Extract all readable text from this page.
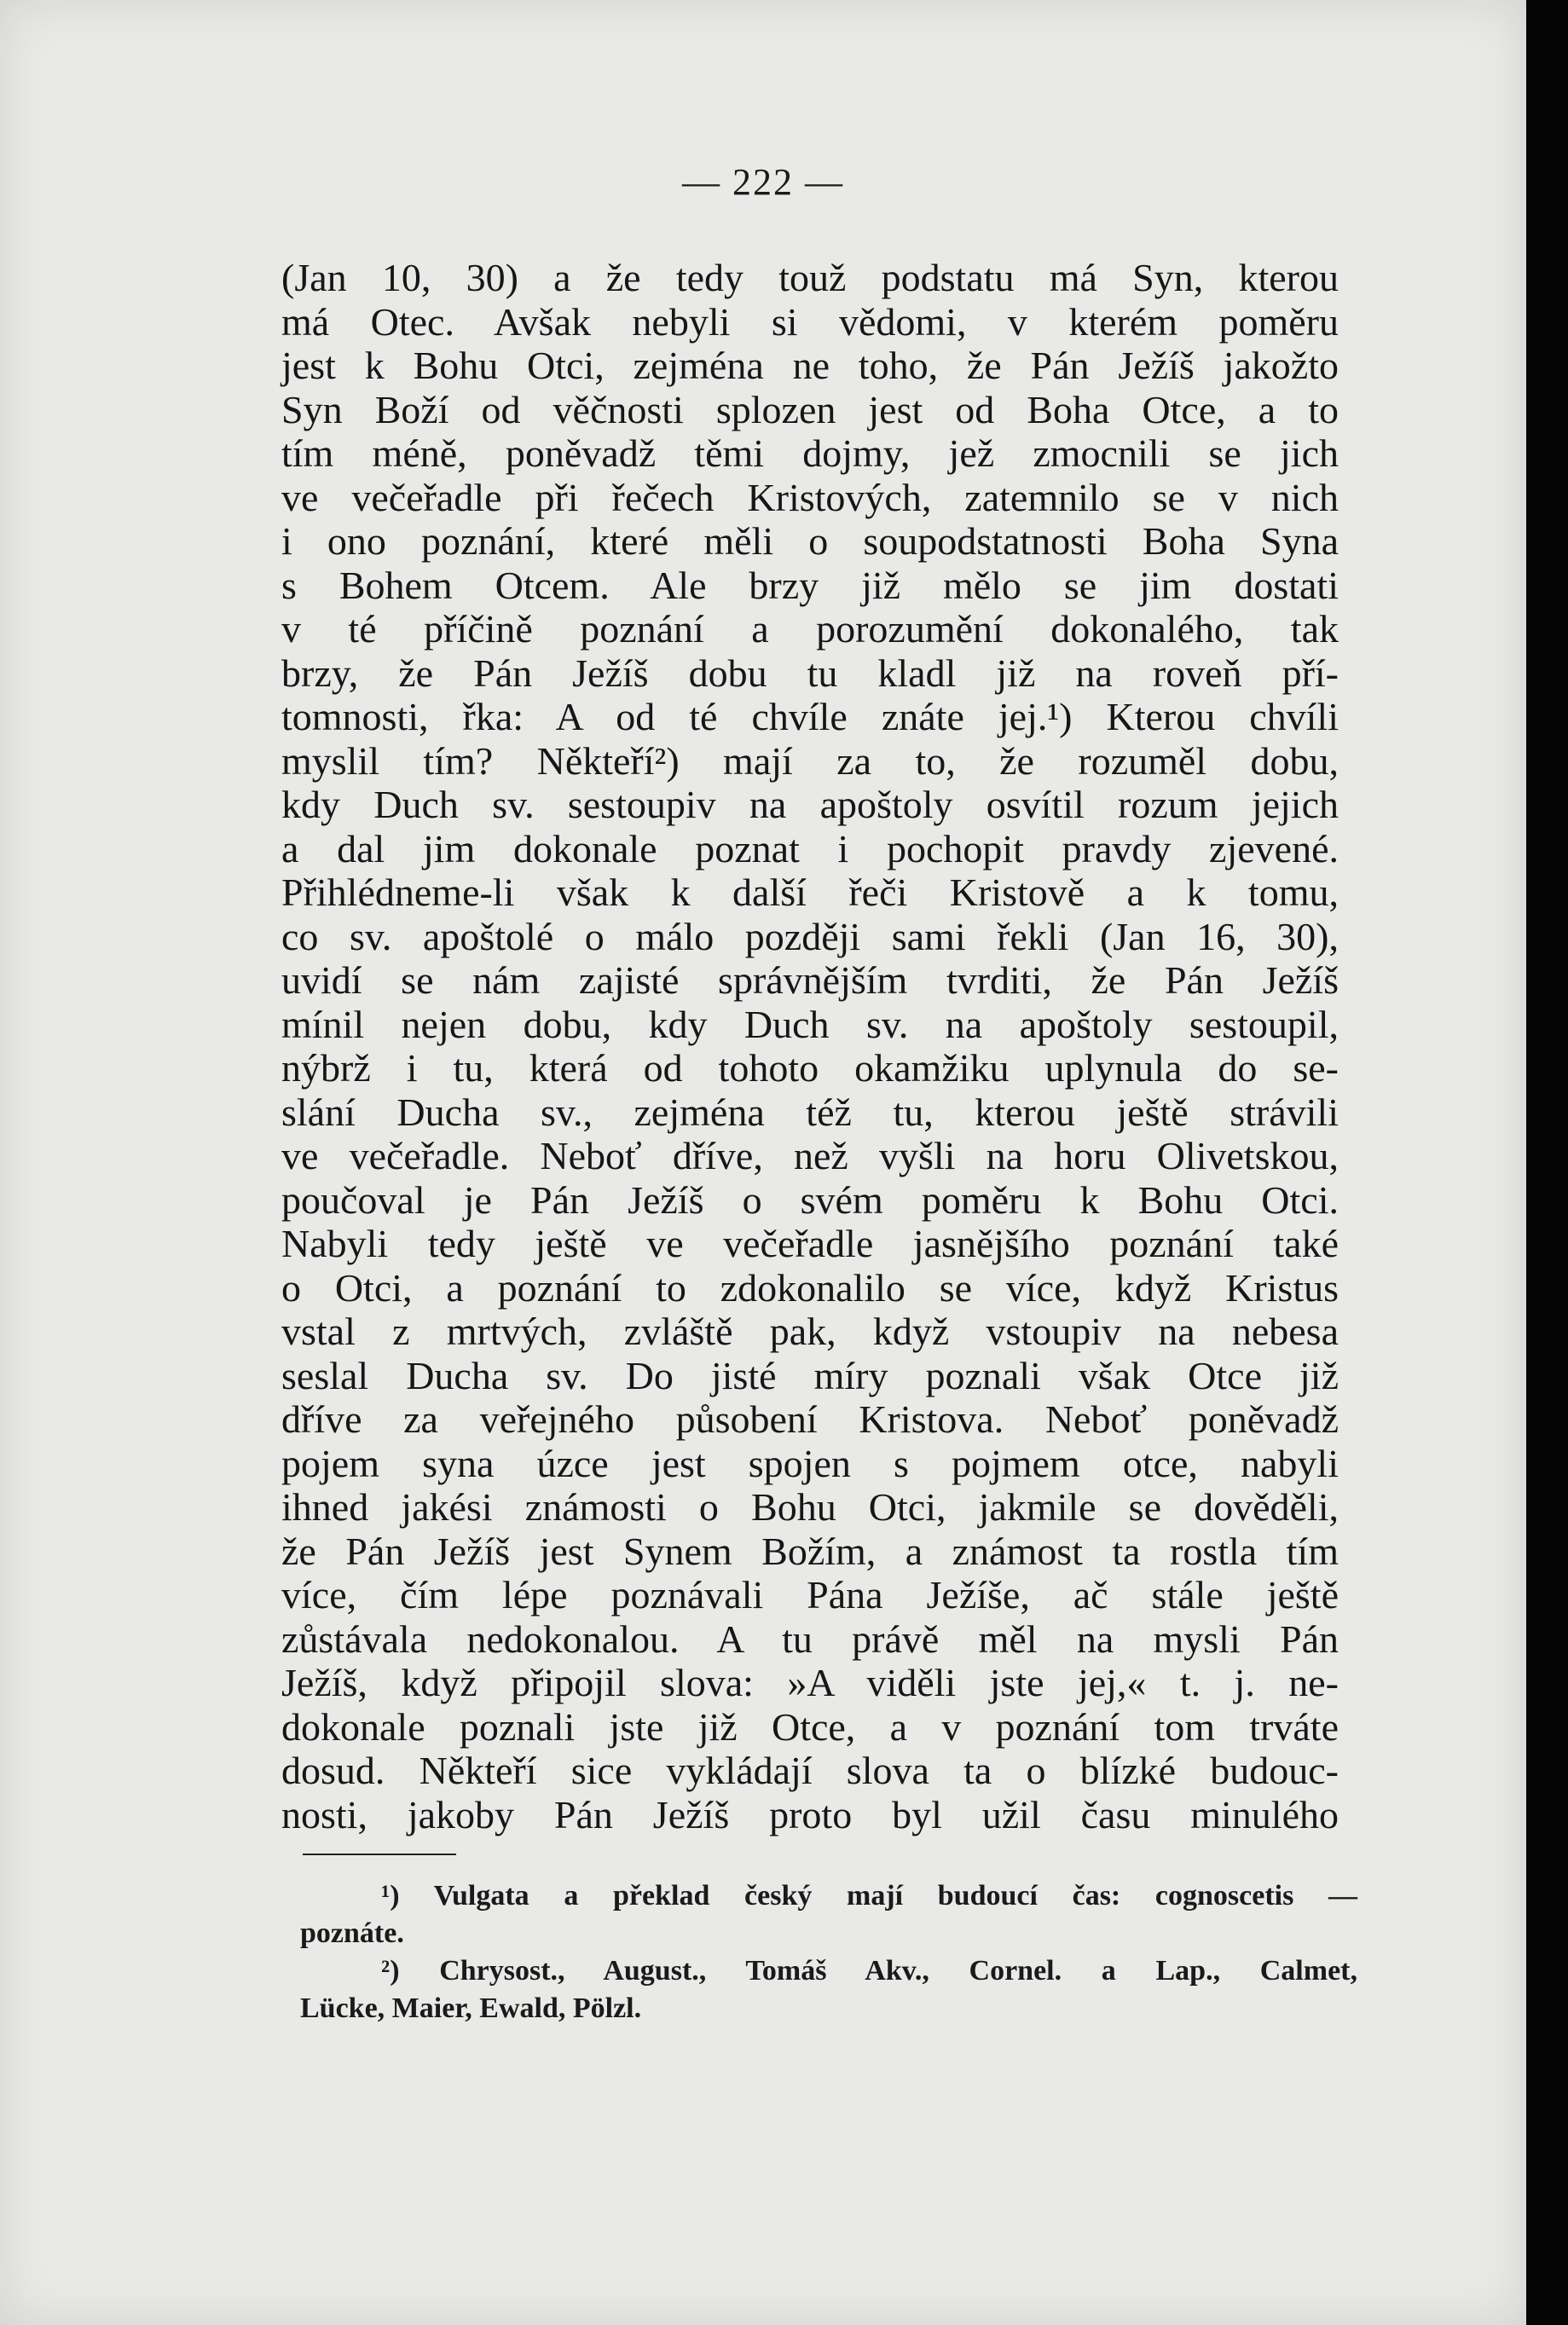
— 222 —
(Jan 10, 30) a že tedy touž podstatu má Syn, kterou
má Otec. Avšak nebyli si vědomi, v kterém poměru
jest k Bohu Otci, zejména ne toho, že Pán Ježíš jakožto
Syn Boží od věčnosti splozen jest od Boha Otce, a to
tím méně, poněvadž těmi dojmy, jež zmocnili se jich
ve večeřadle při řečech Kristových, zatemnilo se v nich
i ono poznání, které měli o soupodstatnosti Boha Syna
s Bohem Otcem. Ale brzy již mělo se jim dostati
v té příčině poznání a porozumění dokonalého, tak
brzy, že Pán Ježíš dobu tu kladl již na roveň pří-
tomnosti, řka: A od té chvíle znáte jej.¹) Kterou chvíli
myslil tím? Někteří²) mají za to, že rozuměl dobu,
kdy Duch sv. sestoupiv na apoštoly osvítil rozum jejich
a dal jim dokonale poznat i pochopit pravdy zjevené.
Přihlédneme-li však k další řeči Kristově a k tomu,
co sv. apoštolé o málo později sami řekli (Jan 16, 30),
uvidí se nám zajisté správnějším tvrditi, že Pán Ježíš
mínil nejen dobu, kdy Duch sv. na apoštoly sestoupil,
nýbrž i tu, která od tohoto okamžiku uplynula do se-
slání Ducha sv., zejména též tu, kterou ještě strávili
ve večeřadle. Neboť dříve, než vyšli na horu Olivetskou,
poučoval je Pán Ježíš o svém poměru k Bohu Otci.
Nabyli tedy ještě ve večeřadle jasnějšího poznání také
o Otci, a poznání to zdokonalilo se více, když Kristus
vstal z mrtvých, zvláště pak, když vstoupiv na nebesa
seslal Ducha sv. Do jisté míry poznali však Otce již
dříve za veřejného působení Kristova. Neboť poněvadž
pojem syna úzce jest spojen s pojmem otce, nabyli
ihned jakési známosti o Bohu Otci, jakmile se dověděli,
že Pán Ježíš jest Synem Božím, a známost ta rostla tím
více, čím lépe poznávali Pána Ježíše, ač stále ještě
zůstávala nedokonalou. A tu právě měl na mysli Pán
Ježíš, když připojil slova: »A viděli jste jej,« t. j. ne-
dokonale poznali jste již Otce, a v poznání tom trváte
dosud. Někteří sice vykládají slova ta o blízké budouc-
nosti, jakoby Pán Ježíš proto byl užil času minulého
¹) Vulgata a překlad český mají budoucí čas: cognoscetis —
poznáte.
²) Chrysost., August., Tomáš Akv., Cornel. a Lap., Calmet,
Lücke, Maier, Ewald, Pölzl.
